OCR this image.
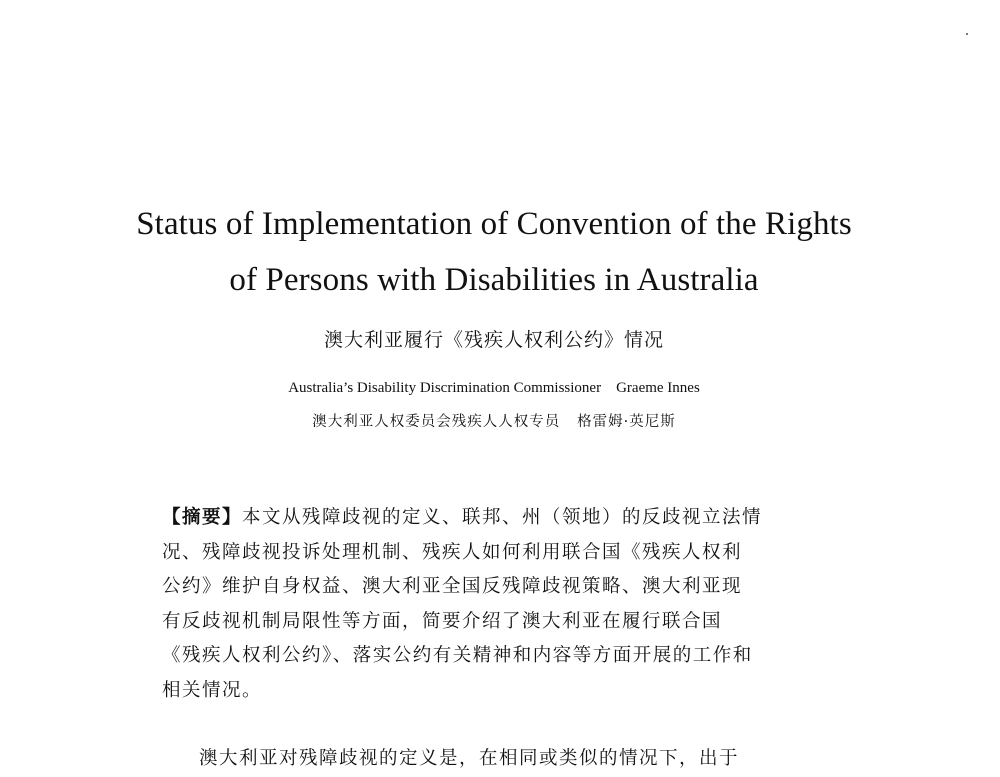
Status of Implementation of Convention of the Rights
of Persons with Disabilities in Australia
澳大利亚履行《残疾人权利公约》情况
Australia’s Disability Discrimination Commissioner    Graeme Innes
澳大利亚人权委员会残疾人人权专员   格雷姆·英尼斯
【摘要】本文从残障歧视的定义、联邦、州（领地）的反歧视立法情
况、残障歧视投诉处理机制、残疾人如何利用联合国《残疾人权利
公约》维护自身权益、澳大利亚全国反残障歧视策略、澳大利亚现
有反歧视机制局限性等方面，简要介绍了澳大利亚在履行联合国
《残疾人权利公约》、落实公约有关精神和内容等方面开展的工作和
相关情况。
澳大利亚对残障歧视的定义是，在相同或类似的情况下，出于
